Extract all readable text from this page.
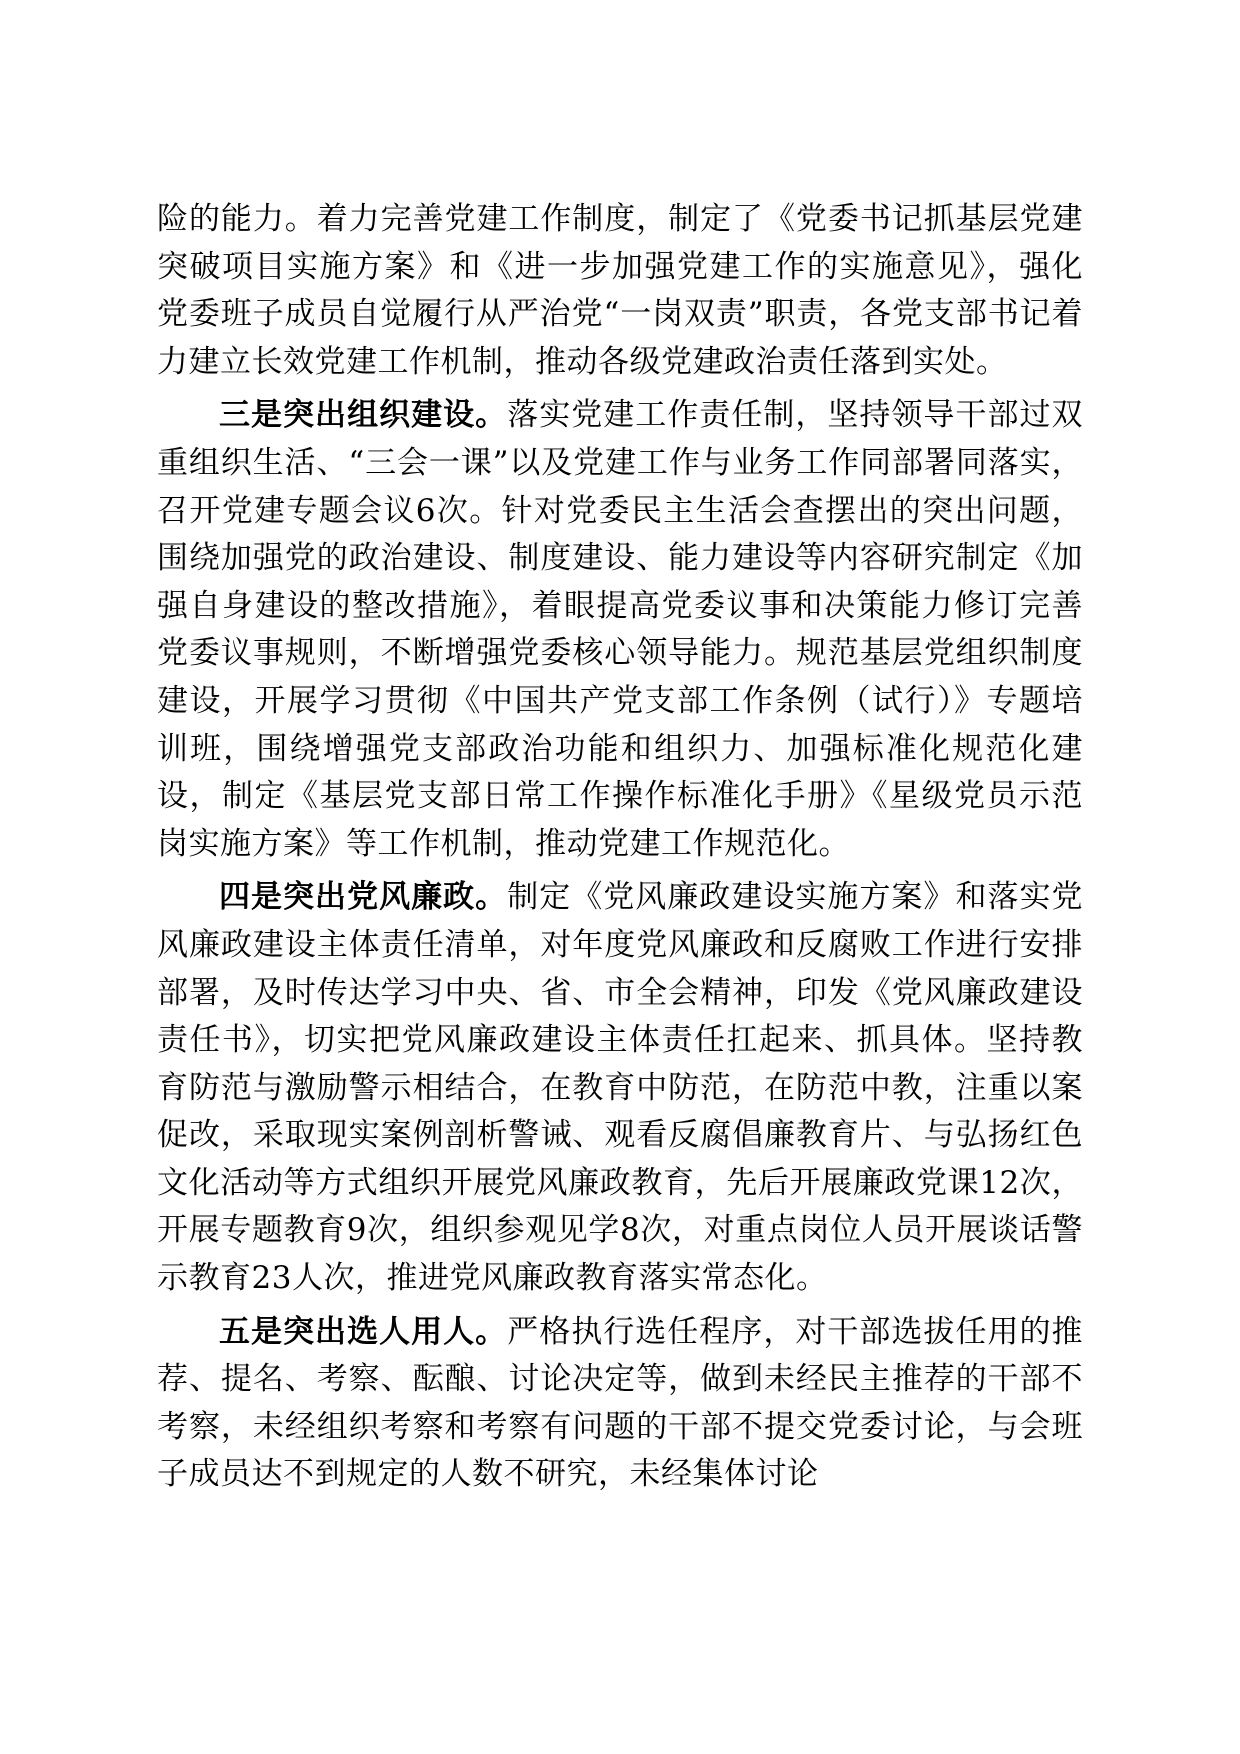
险的能力。着力完善党建工作制度，制定了《党委书记抓基层党建突破项目实施方案》和《进一步加强党建工作的实施意见》，强化党委班子成员自觉履行从严治党“一岗双责”职责，各党支部书记着力建立长效党建工作机制，推动各级党建政治责任落到实处。

三是突出组织建设。落实党建工作责任制，坚持领导干部过双重组织生活、“三会一课”以及党建工作与业务工作同部署同落实，召开党建专题会议6次。针对党委民主生活会查摆出的突出问题，围绕加强党的政治建设、制度建设、能力建设等内容研究制定《加强自身建设的整改措施》，着眼提高党委议事和决策能力修订完善党委议事规则，不断增强党委核心领导能力。规范基层党组织制度建设，开展学习贯彻《中国共产党支部工作条例（试行）》专题培训班，围绕增强党支部政治功能和组织力、加强标准化规范化建设，制定《基层党支部日常工作操作标准化手册》《星级党员示范岗实施方案》等工作机制，推动党建工作规范化。

四是突出党风廉政。制定《党风廉政建设实施方案》和落实党风廉政建设主体责任清单，对年度党风廉政和反腐败工作进行安排部署，及时传达学习中央、省、市全会精神，印发《党风廉政建设责任书》，切实把党风廉政建设主体责任扛起来、抓具体。坚持教育防范与激励警示相结合，在教育中防范，在防范中教，注重以案促改，采取现实案例剖析警诫、观看反腐倡廉教育片、与弘扬红色文化活动等方式组织开展党风廉政教育，先后开展廉政党课12次，开展专题教育9次，组织参观见学8次，对重点岗位人员开展谈话警示教育23人次，推进党风廉政教育落实常态化。

五是突出选人用人。严格执行选任程序，对干部选拔任用的推荐、提名、考察、酝酿、讨论决定等，做到未经民主推荐的干部不考察，未经组织考察和考察有问题的干部不提交党委讨论，与会班子成员达不到规定的人数不研究，未经集体讨论
